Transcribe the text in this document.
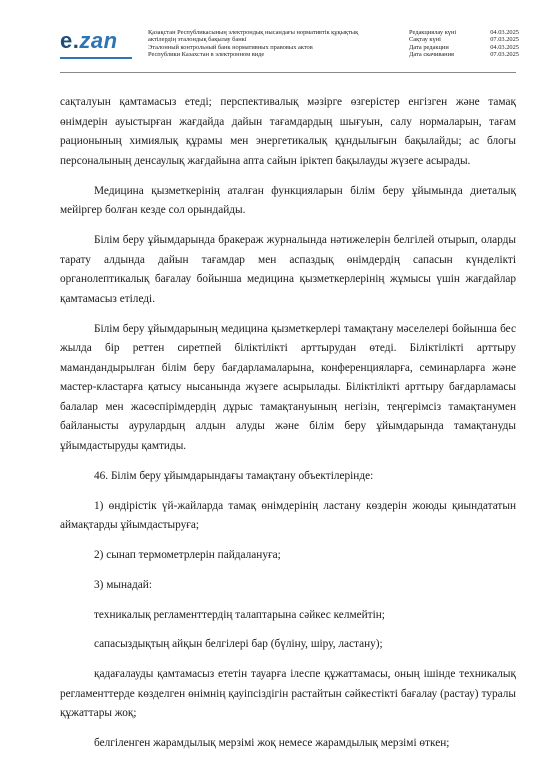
e.zan	Қазақстан Республикасының электрондық нысандағы нормативтік құқықтық
актілердің эталондық бақылау банкі
Эталонный контрольный банк нормативных правовых актов
Республики Казахстан в электронном виде
Редакциялау күні	04.03.2025
Сақтау күні	07.03.2025
Дата редакции	04.03.2025
Дата скачивания	07.03.2025

сақталуын қамтамасыз етеді; перспективалық мәзірге өзгерістер енгізген және тамақ өнімдерін ауыстырған жағдайда дайын тағамдардың шығуын, салу нормаларын, тағам рационының химиялық құрамы мен энергетикалық құндылығын бақылайды; ас блогы персоналының денсаулық жағдайына апта сайын іріктеп бақылауды жүзеге асырады.

Медицина қызметкерінің аталған функцияларын білім беру ұйымында диеталық мейіргер болған кезде сол орындайды.

Білім беру ұйымдарында бракераж журналында нәтижелерін белгілей отырып, оларды тарату алдында дайын тағамдар мен аспаздық өнімдердің сапасын күнделікті органолептикалық бағалау бойынша медицина қызметкерлерінің жұмысы үшін жағдайлар қамтамасыз етіледі.

Білім беру ұйымдарының медицина қызметкерлері тамақтану мәселелері бойынша бес жылда бір реттен сиретпей біліктілікті арттырудан өтеді. Біліктілікті арттыру мамандандырылған білім беру бағдарламаларына, конференцияларға, семинарларға және мастер-кластарға қатысу нысанында жүзеге асырылады. Біліктілікті арттыру бағдарламасы балалар мен жасөспірімдердің дұрыс тамақтануының негізін, теңгерімсіз тамақтанумен байланысты аурулардың алдын алуды және білім беру ұйымдарында тамақтануды ұйымдастыруды қамтиды.

46. Білім беру ұйымдарындағы тамақтану объектілерінде:

1) өндірістік үй-жайларда тамақ өнімдерінің ластану көздерін жоюды қиындататын аймақтарды ұйымдастыруға;

2) сынап термометрлерін пайдалануға;

3) мынадай:

техникалық регламенттердің талаптарына сәйкес келмейтін;

сапасыздықтың айқын белгілері бар (бүліну, шіру, ластану);

қадағалауды қамтамасыз ететін тауарға ілеспе құжаттамасы, оның ішінде техникалық регламенттерде көзделген өнімнің қауіпсіздігін растайтын сәйкестікті бағалау (растау) туралы құжаттары жоқ;

белгіленген жарамдылық мерзімі жоқ немесе жарамдылық мерзімі өткен;
